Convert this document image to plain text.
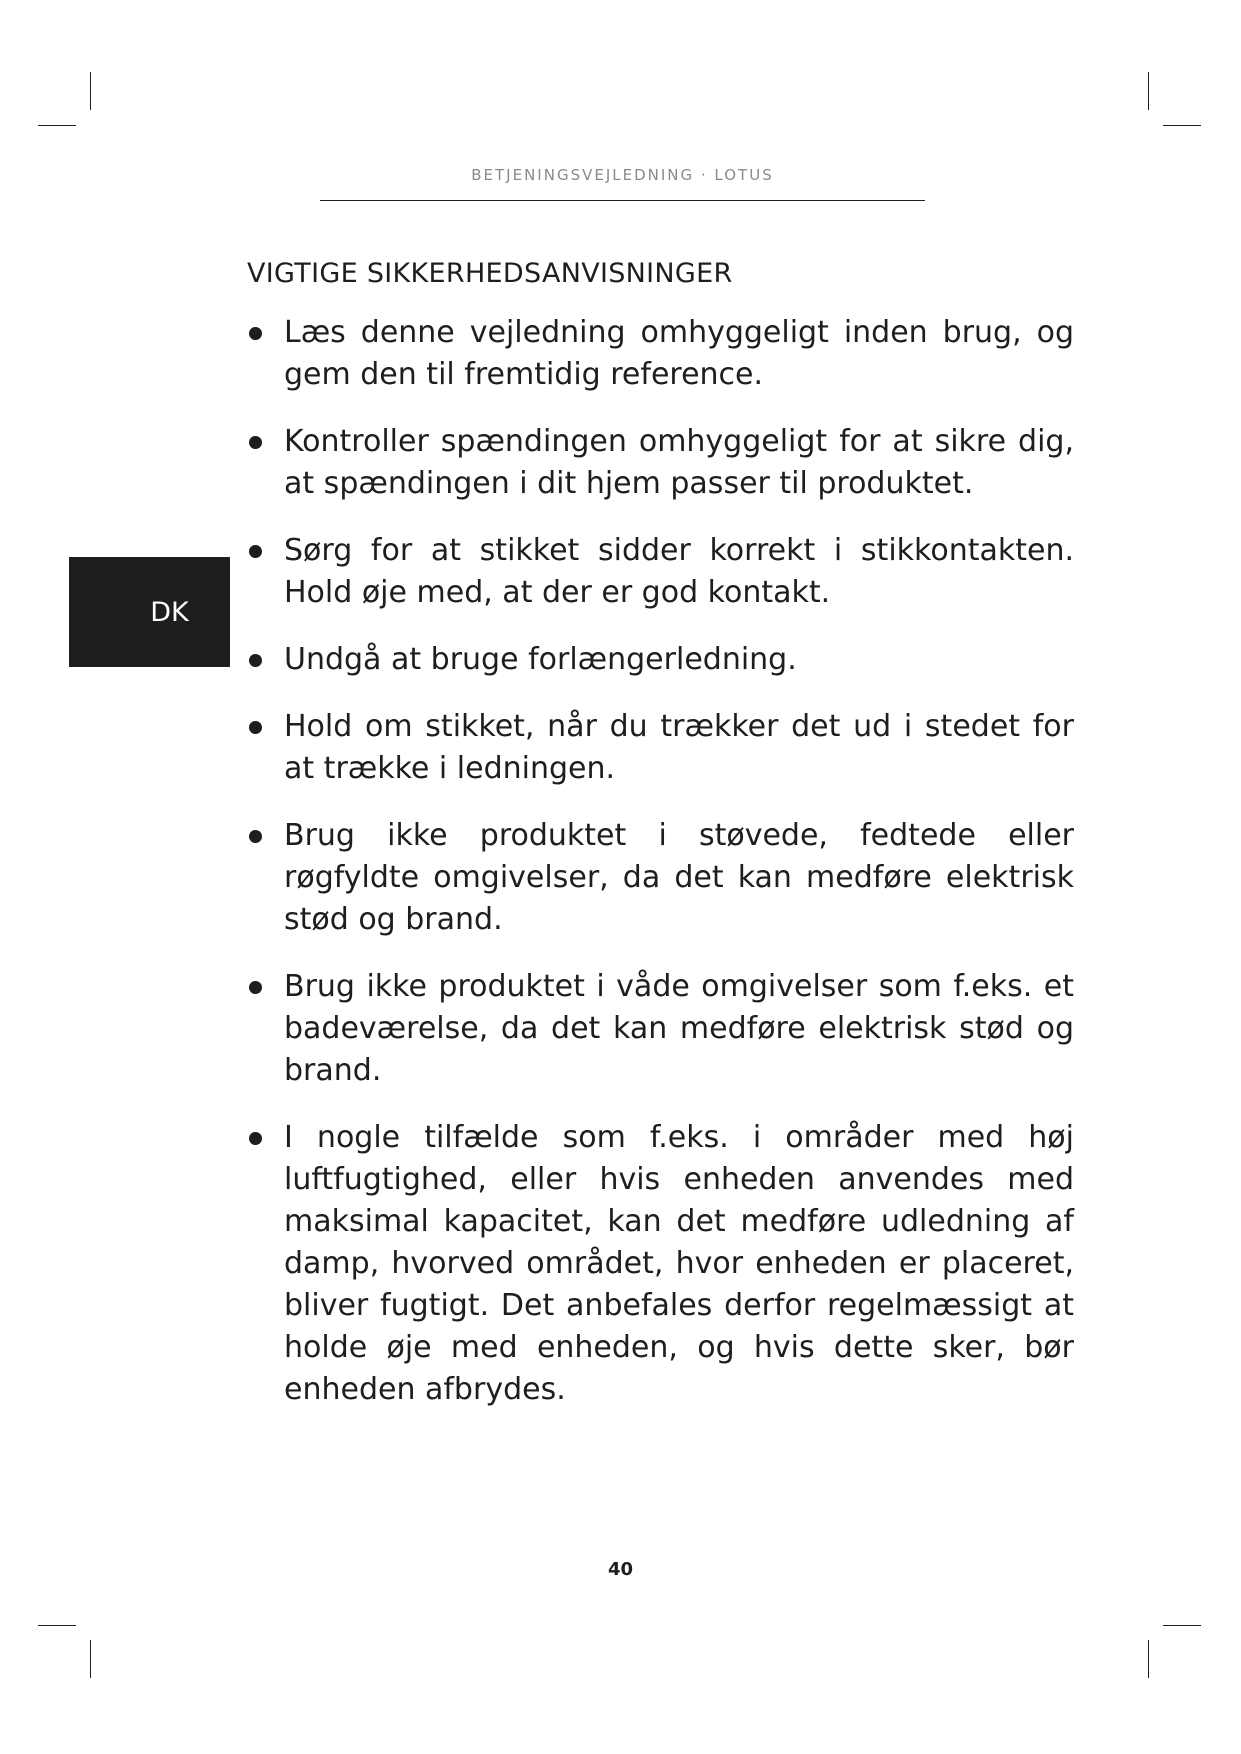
BETJENINGSVEJLEDNING · LOTUS
DK
VIGTIGE SIKKERHEDSANVISNINGER
Læs denne vejledning omhyggeligt inden brug, og gem den til fremtidig reference.
Kontroller spændingen omhyggeligt for at sikre dig, at spændingen i dit hjem passer til produktet.
Sørg for at stikket sidder korrekt i stikkontakten. Hold øje med, at der er god kontakt.
Undgå at bruge forlængerledning.
Hold om stikket, når du trækker det ud i stedet for at trække i ledningen.
Brug ikke produktet i støvede, fedtede eller røgfyldte omgivelser, da det kan medføre elektrisk stød og brand.
Brug ikke produktet i våde omgivelser som f.eks. et badeværelse, da det kan medføre elektrisk stød og brand.
I nogle tilfælde som f.eks. i områder med høj luftfugtighed, eller hvis enheden anvendes med maksimal kapacitet, kan det medføre udledning af damp, hvorved området, hvor enheden er placeret, bliver fugtigt. Det anbefales derfor regelmæssigt at holde øje med enheden, og hvis dette sker, bør enheden afbrydes.
40
